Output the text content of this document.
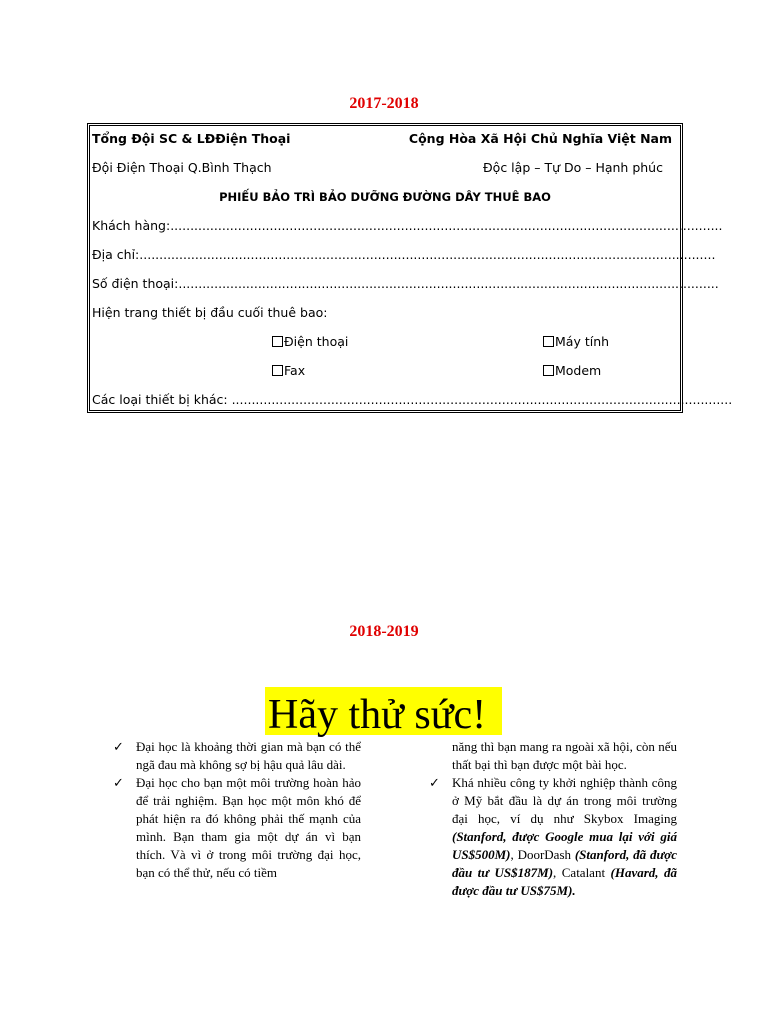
2017-2018
Tổng Đội SC & LĐĐiện Thoại	Cộng Hòa Xã Hội Chủ Nghĩa Việt Nam
Đội Điện Thoại Q.Bình Thạch	Độc lập – Tự Do – Hạnh phúc
PHIẾU BẢO TRÌ BẢO DƯỠNG ĐƯỜNG DÂY THUÊ BAO
Khách hàng:...........................................................................................................................................
Địa chỉ:.................................................................................................................................................
Số điện thoại:........................................................................................................................................
Hiện trang thiết bị đầu cuối thuê bao:
Điện thoại	Máy tính
Fax	Modem
Các loại thiết bị khác: ..............................................................................................................................
2018-2019
Hãy thử sức!
✓ Đại học là khoảng thời gian mà bạn có thể ngã đau mà không sợ bị hậu quả lâu dài.
✓ Đại học cho bạn một môi trường hoàn hảo để trải nghiệm. Bạn học một môn khó để phát hiện ra đó không phải thế mạnh của mình. Bạn tham gia một dự án vì bạn thích. Và vì ở trong môi trường đại học, bạn có thể thử, nếu có tiềm
năng thì bạn mang ra ngoài xã hội, còn nếu thất bại thì bạn được một bài học.
✓ Khá nhiều công ty khởi nghiệp thành công ở Mỹ bắt đầu là dự án trong môi trường đại học, ví dụ như Skybox Imaging (Stanford, được Google mua lại với giá US$500M), DoorDash (Stanford, đã được đầu tư US$187M), Catalant (Havard, đã được đầu tư US$75M).
